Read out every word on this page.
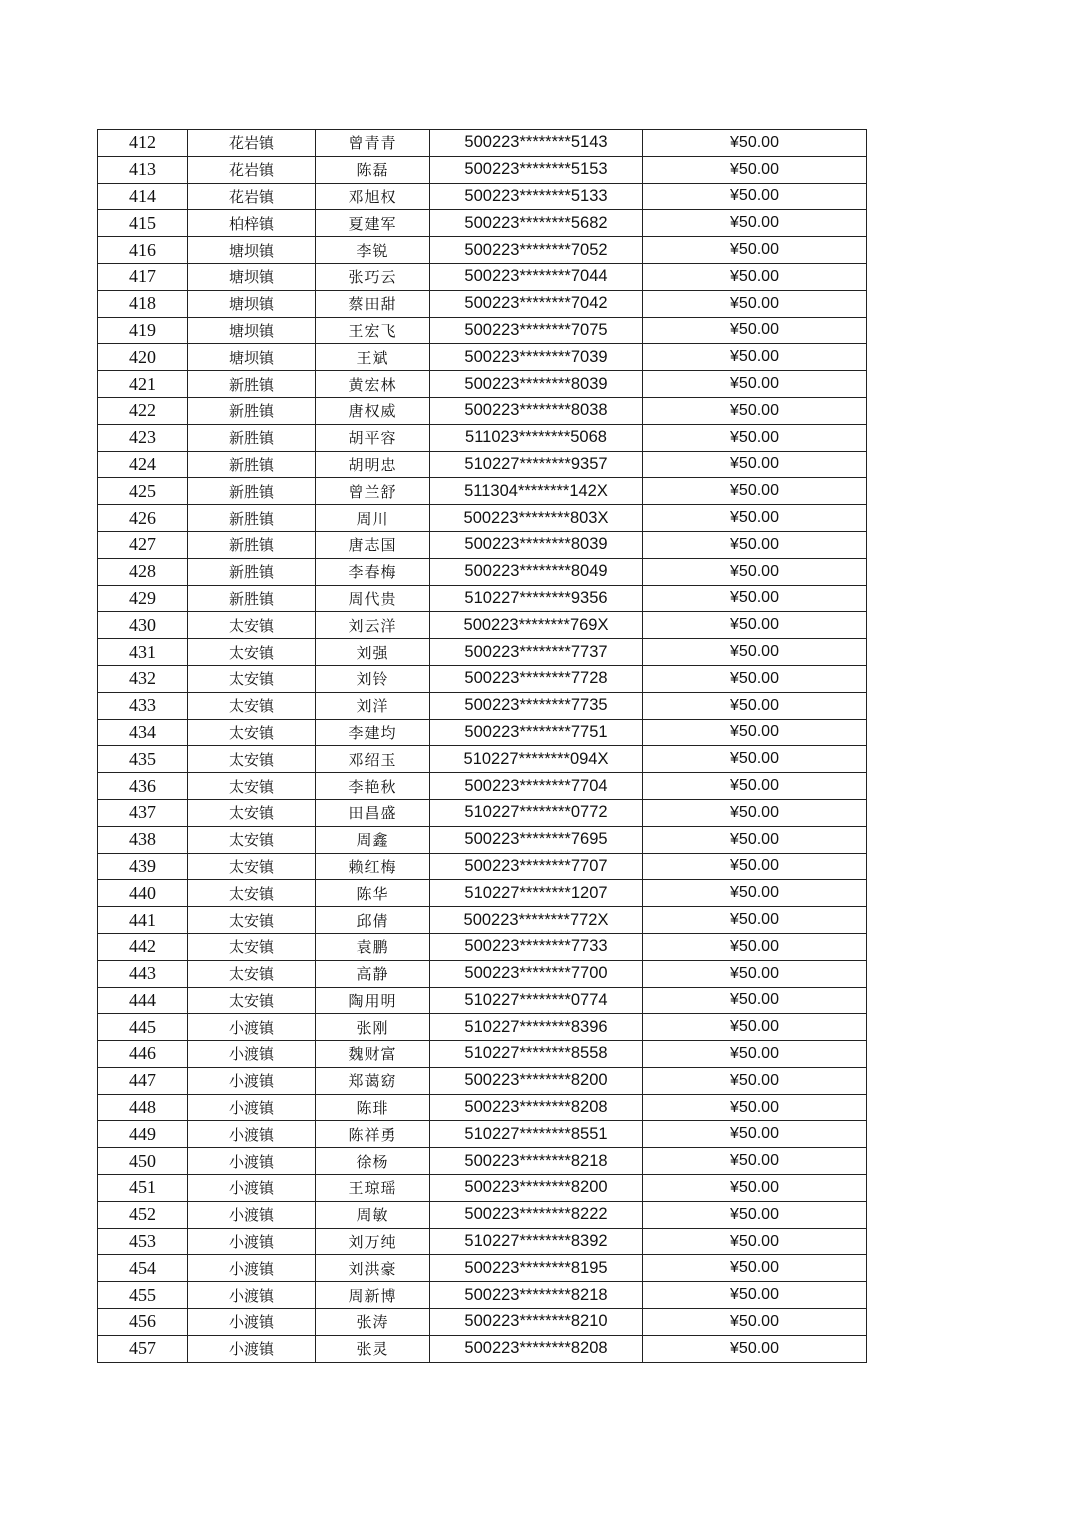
412	花岩镇	曾青青	500223********5143	¥50.00
413	花岩镇	陈磊	500223********5153	¥50.00
414	花岩镇	邓旭权	500223********5133	¥50.00
415	柏梓镇	夏建军	500223********5682	¥50.00
416	塘坝镇	李锐	500223********7052	¥50.00
417	塘坝镇	张巧云	500223********7044	¥50.00
418	塘坝镇	蔡田甜	500223********7042	¥50.00
419	塘坝镇	王宏飞	500223********7075	¥50.00
420	塘坝镇	王斌	500223********7039	¥50.00
421	新胜镇	黄宏林	500223********8039	¥50.00
422	新胜镇	唐权威	500223********8038	¥50.00
423	新胜镇	胡平容	511023********5068	¥50.00
424	新胜镇	胡明忠	510227********9357	¥50.00
425	新胜镇	曾兰舒	511304********142X	¥50.00
426	新胜镇	周川	500223********803X	¥50.00
427	新胜镇	唐志国	500223********8039	¥50.00
428	新胜镇	李春梅	500223********8049	¥50.00
429	新胜镇	周代贵	510227********9356	¥50.00
430	太安镇	刘云洋	500223********769X	¥50.00
431	太安镇	刘强	500223********7737	¥50.00
432	太安镇	刘铃	500223********7728	¥50.00
433	太安镇	刘洋	500223********7735	¥50.00
434	太安镇	李建均	500223********7751	¥50.00
435	太安镇	邓绍玉	510227********094X	¥50.00
436	太安镇	李艳秋	500223********7704	¥50.00
437	太安镇	田昌盛	510227********0772	¥50.00
438	太安镇	周鑫	500223********7695	¥50.00
439	太安镇	赖红梅	500223********7707	¥50.00
440	太安镇	陈华	510227********1207	¥50.00
441	太安镇	邱倩	500223********772X	¥50.00
442	太安镇	袁鹏	500223********7733	¥50.00
443	太安镇	高静	500223********7700	¥50.00
444	太安镇	陶用明	510227********0774	¥50.00
445	小渡镇	张刚	510227********8396	¥50.00
446	小渡镇	魏财富	510227********8558	¥50.00
447	小渡镇	郑蔼窈	500223********8200	¥50.00
448	小渡镇	陈琲	500223********8208	¥50.00
449	小渡镇	陈祥勇	510227********8551	¥50.00
450	小渡镇	徐杨	500223********8218	¥50.00
451	小渡镇	王琼瑶	500223********8200	¥50.00
452	小渡镇	周敏	500223********8222	¥50.00
453	小渡镇	刘万纯	510227********8392	¥50.00
454	小渡镇	刘洪豪	500223********8195	¥50.00
455	小渡镇	周新博	500223********8218	¥50.00
456	小渡镇	张涛	500223********8210	¥50.00
457	小渡镇	张灵	500223********8208	¥50.00
